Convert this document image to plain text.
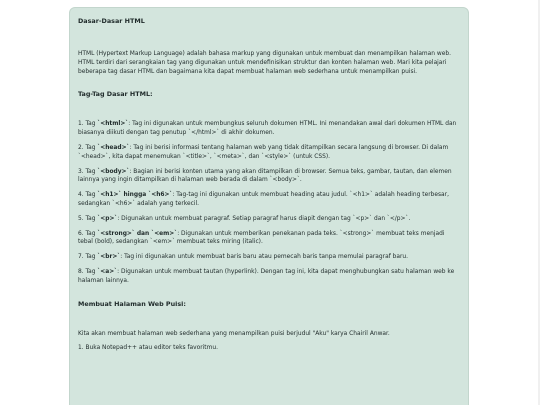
Dasar-Dasar HTML

HTML (Hypertext Markup Language) adalah bahasa markup yang digunakan untuk membuat dan menampilkan halaman web. HTML terdiri dari serangkaian tag yang digunakan untuk mendefinisikan struktur dan konten halaman web. Mari kita pelajari beberapa tag dasar HTML dan bagaimana kita dapat membuat halaman web sederhana untuk menampilkan puisi.

Tag-Tag Dasar HTML:

1. Tag `<html>`: Tag ini digunakan untuk membungkus seluruh dokumen HTML. Ini menandakan awal dari dokumen HTML dan biasanya diikuti dengan tag penutup `</html>` di akhir dokumen.

2. Tag `<head>`: Tag ini berisi informasi tentang halaman web yang tidak ditampilkan secara langsung di browser. Di dalam `<head>`, kita dapat menemukan `<title>`, `<meta>`, dan `<style>` (untuk CSS).

3. Tag `<body>`: Bagian ini berisi konten utama yang akan ditampilkan di browser. Semua teks, gambar, tautan, dan elemen lainnya yang ingin ditampilkan di halaman web berada di dalam `<body>`.

4. Tag `<h1>` hingga `<h6>`: Tag-tag ini digunakan untuk membuat heading atau judul. `<h1>` adalah heading terbesar, sedangkan `<h6>` adalah yang terkecil.

5. Tag `<p>`: Digunakan untuk membuat paragraf. Setiap paragraf harus diapit dengan tag `<p>` dan `</p>`.

6. Tag `<strong>` dan `<em>`: Digunakan untuk memberikan penekanan pada teks. `<strong>` membuat teks menjadi tebal (bold), sedangkan `<em>` membuat teks miring (italic).

7. Tag `<br>`: Tag ini digunakan untuk membuat baris baru atau pemecah baris tanpa memulai paragraf baru.

8. Tag `<a>`: Digunakan untuk membuat tautan (hyperlink). Dengan tag ini, kita dapat menghubungkan satu halaman web ke halaman lainnya.

Membuat Halaman Web Puisi:

Kita akan membuat halaman web sederhana yang menampilkan puisi berjudul "Aku" karya Chairil Anwar.

1. Buka Notepad++ atau editor teks favoritmu.
